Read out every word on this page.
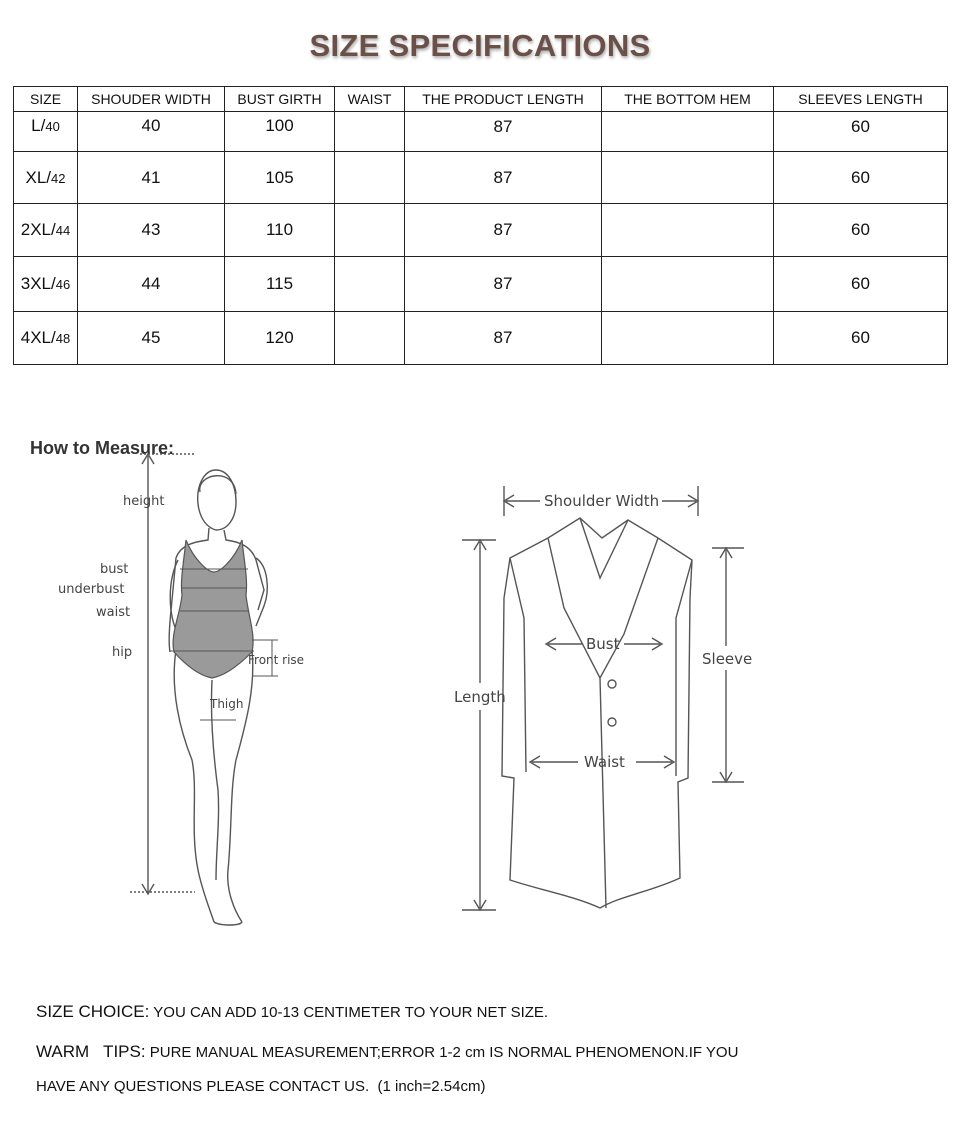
SIZE SPECIFICATIONS
SIZE	SHOUDER WIDTH	BUST GIRTH	WAIST	THE PRODUCT LENGTH	THE BOTTOM HEM	SLEEVES LENGTH
L/40	40	100		87		60
XL/42	41	105		87		60
2XL/44	43	110		87		60
3XL/46	44	115		87		60
4XL/48	45	120		87		60
How to Measure:
height
bust
underbust
waist
hip	Front rise
Thigh
Shoulder Width
Bust
Waist
Length
Sleeve
SIZE CHOICE: YOU CAN ADD 10-13 CENTIMETER TO YOUR NET SIZE.
WARM   TIPS: PURE MANUAL MEASUREMENT;ERROR 1-2 cm IS NORMAL PHENOMENON.IF YOU
HAVE ANY QUESTIONS PLEASE CONTACT US.  (1 inch=2.54cm)
